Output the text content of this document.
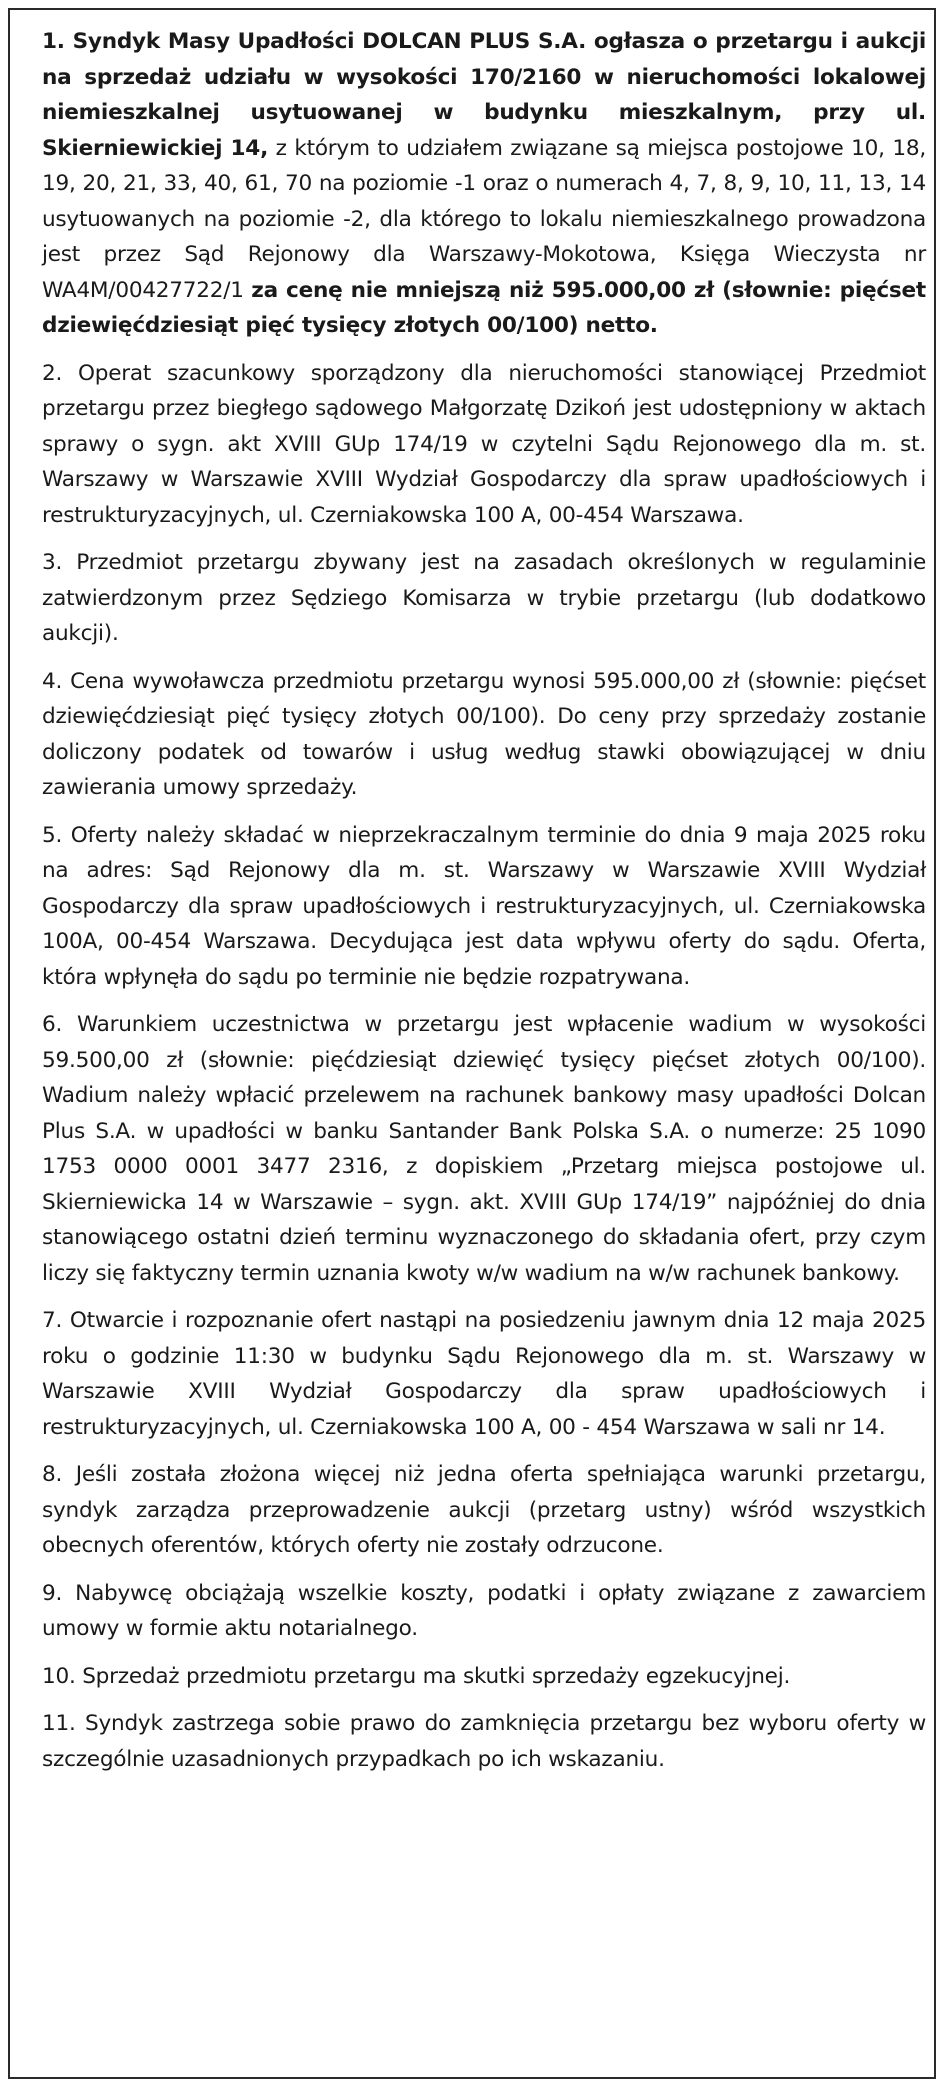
1. Syndyk Masy Upadłości DOLCAN PLUS S.A. ogłasza o przetargu i aukcji na sprzedaż udziału w wysokości 170/2160 w nieruchomości lokalowej niemieszkalnej usytuowanej w budynku mieszkalnym, przy ul. Skierniewickiej 14, z którym to udziałem związane są miejsca postojowe 10, 18, 19, 20, 21, 33, 40, 61, 70 na poziomie -1 oraz o numerach 4, 7, 8, 9, 10, 11, 13, 14 usytuowanych na poziomie -2, dla którego to lokalu niemieszkalnego prowadzona jest przez Sąd Rejonowy dla Warszawy-Mokotowa, Księga Wieczysta nr WA4M/00427722/1 za cenę nie mniejszą niż 595.000,00 zł (słownie: pięćset dziewięćdziesiąt pięć tysięcy złotych 00/100) netto.

2. Operat szacunkowy sporządzony dla nieruchomości stanowiącej Przedmiot przetargu przez biegłego sądowego Małgorzatę Dzikoń jest udostępniony w aktach sprawy o sygn. akt XVIII GUp 174/19 w czytelni Sądu Rejonowego dla m. st. Warszawy w Warszawie XVIII Wydział Gospodarczy dla spraw upadłościowych i restrukturyzacyjnych, ul. Czerniakowska 100 A, 00-454 Warszawa.

3. Przedmiot przetargu zbywany jest na zasadach określonych w regulaminie zatwierdzonym przez Sędziego Komisarza w trybie przetargu (lub dodatkowo aukcji).

4. Cena wywoławcza przedmiotu przetargu wynosi 595.000,00 zł (słownie: pięćset dziewięćdziesiąt pięć tysięcy złotych 00/100). Do ceny przy sprzedaży zostanie doliczony podatek od towarów i usług według stawki obowiązującej w dniu zawierania umowy sprzedaży.

5. Oferty należy składać w nieprzekraczalnym terminie do dnia 9 maja 2025 roku na adres: Sąd Rejonowy dla m. st. Warszawy w Warszawie XVIII Wydział Gospodarczy dla spraw upadłościowych i restrukturyzacyjnych, ul. Czerniakowska 100A, 00-454 Warszawa. Decydująca jest data wpływu oferty do sądu. Oferta, która wpłynęła do sądu po terminie nie będzie rozpatrywana.

6. Warunkiem uczestnictwa w przetargu jest wpłacenie wadium w wysokości 59.500,00 zł (słownie: pięćdziesiąt dziewięć tysięcy pięćset złotych 00/100). Wadium należy wpłacić przelewem na rachunek bankowy masy upadłości Dolcan Plus S.A. w upadłości w banku Santander Bank Polska S.A. o numerze: 25 1090 1753 0000 0001 3477 2316, z dopiskiem „Przetarg miejsca postojowe ul. Skierniewicka 14 w Warszawie – sygn. akt. XVIII GUp 174/19” najpóźniej do dnia stanowiącego ostatni dzień terminu wyznaczonego do składania ofert, przy czym liczy się faktyczny termin uznania kwoty w/w wadium na w/w rachunek bankowy.

7. Otwarcie i rozpoznanie ofert nastąpi na posiedzeniu jawnym dnia 12 maja 2025 roku o godzinie 11:30 w budynku Sądu Rejonowego dla m. st. Warszawy w Warszawie XVIII Wydział Gospodarczy dla spraw upadłościowych i restrukturyzacyjnych, ul. Czerniakowska 100 A, 00 - 454 Warszawa w sali nr 14.

8. Jeśli została złożona więcej niż jedna oferta spełniająca warunki przetargu, syndyk zarządza przeprowadzenie aukcji (przetarg ustny) wśród wszystkich obecnych oferentów, których oferty nie zostały odrzucone.

9. Nabywcę obciążają wszelkie koszty, podatki i opłaty związane z zawarciem umowy w formie aktu notarialnego.

10. Sprzedaż przedmiotu przetargu ma skutki sprzedaży egzekucyjnej.

11. Syndyk zastrzega sobie prawo do zamknięcia przetargu bez wyboru oferty w szczególnie uzasadnionych przypadkach po ich wskazaniu.
